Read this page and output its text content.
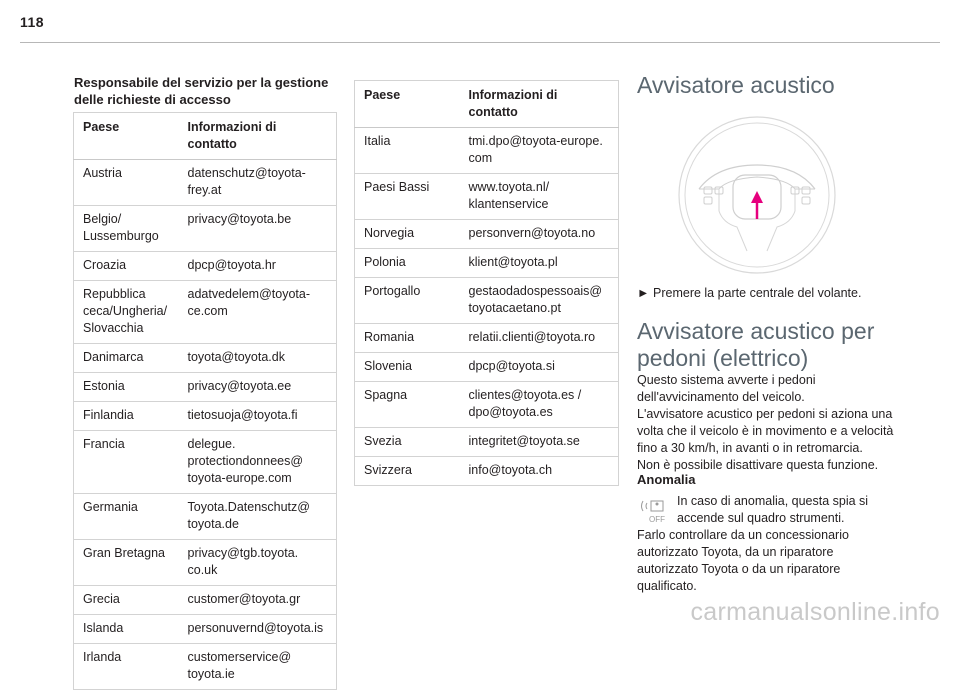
118
Responsabile del servizio per la gestione delle richieste di accesso
Paese	Informazioni di contatto
Austria	datenschutz@toyota-frey.at
Belgio/ Lussemburgo	privacy@toyota.be
Croazia	dpcp@toyota.hr
Repubblica ceca/Ungheria/ Slovacchia	adatvedelem@toyota-ce.com
Danimarca	toyota@toyota.dk
Estonia	privacy@toyota.ee
Finlandia	tietosuoja@toyota.fi
Francia	delegue. protectiondonnees@ toyota-europe.com
Germania	Toyota.Datenschutz@ toyota.de
Gran Bretagna	privacy@tgb.toyota. co.uk
Grecia	customer@toyota.gr
Islanda	personuvernd@toyota.is
Irlanda	customerservice@ toyota.ie
Paese	Informazioni di contatto
Italia	tmi.dpo@toyota-europe. com
Paesi Bassi	www.toyota.nl/ klantenservice
Norvegia	personvern@toyota.no
Polonia	klient@toyota.pl
Portogallo	gestaodadospessoais@ toyotacaetano.pt
Romania	relatii.clienti@toyota.ro
Slovenia	dpcp@toyota.si
Spagna	clientes@toyota.es / dpo@toyota.es
Svezia	integritet@toyota.se
Svizzera	info@toyota.ch
Avvisatore acustico
► Premere la parte centrale del volante.
Avvisatore acustico per pedoni (elettrico)
Questo sistema avverte i pedoni dell'avvicinamento del veicolo.
L'avvisatore acustico per pedoni si aziona una volta che il veicolo è in movimento e a velocità fino a 30 km/h, in avanti o in retromarcia.
Non è possibile disattivare questa funzione.
Anomalia
OFF
In caso di anomalia, questa spia si accende sul quadro strumenti.
Farlo controllare da un concessionario autorizzato Toyota, da un riparatore autorizzato Toyota o da un riparatore qualificato.
carmanualsonline.info
